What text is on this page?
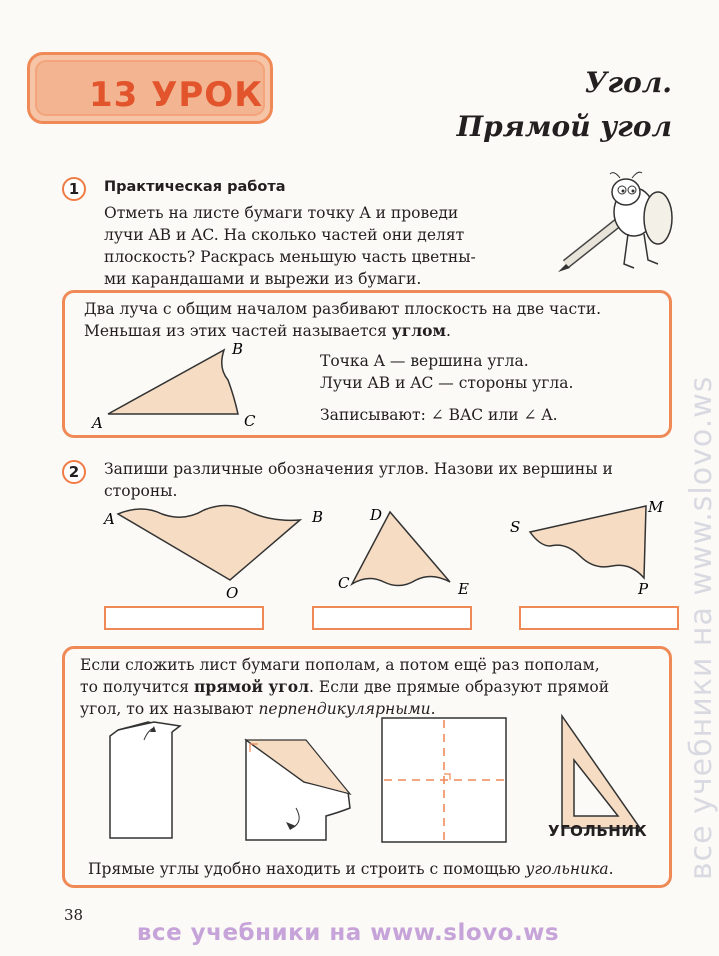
все учебники на www.slovo.ws
13 УРОК	Угол.
Прямой угол
1	Практическая работа
Отметь на листе бумаги точку A и проведи
лучи AB и AC. На сколько частей они делят
плоскость? Раскрась меньшую часть цветны-
ми карандашами и вырежи из бумаги.
Два луча с общим началом разбивают плоскость на две части.
Меньшая из этих частей называется углом.
A
B
C
Точка A — вершина угла.
Лучи AB и AC — стороны угла.
Записывают: ∠ BAC или ∠ A.
2	Запиши различные обозначения углов. Назови их вершины и
стороны.
A	B
O
D
C	E
S
M
P
Если сложить лист бумаги пополам, а потом ещё раз пополам,
то получится прямой угол. Если две прямые образуют прямой
угол, то их называют перпендикулярными.
УГОЛЬНИК
Прямые углы удобно находить и строить с помощью угольника.
38
все учебники на www.slovo.ws
